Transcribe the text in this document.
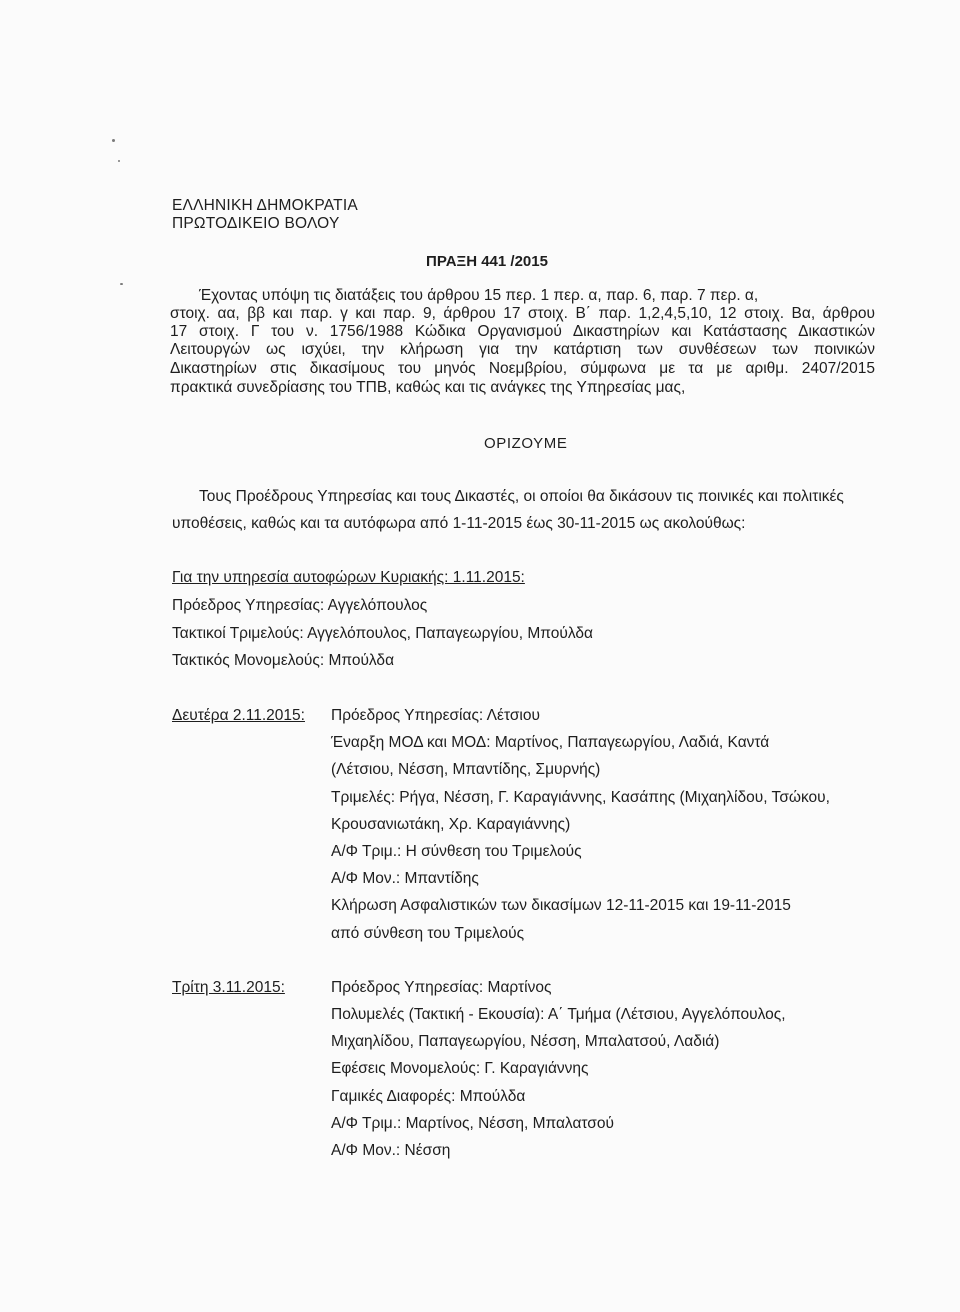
ΕΛΛΗΝΙΚΗ ΔΗΜΟΚΡΑΤΙΑ
ΠΡΩΤΟΔΙΚΕΙΟ ΒΟΛΟΥ
ΠΡΑΞΗ 441 /2015
Έχοντας υπόψη τις διατάξεις του άρθρου 15 περ. 1 περ. α, παρ. 6, παρ. 7 περ. α,
στοιχ. αα, ββ και παρ. γ και παρ. 9, άρθρου 17 στοιχ. Β΄ παρ. 1,2,4,5,10, 12 στοιχ. Βα, άρθρου
17 στοιχ. Γ του ν. 1756/1988 Κώδικα Οργανισμού Δικαστηρίων και Κατάστασης Δικαστικών
Λειτουργών ως ισχύει, την κλήρωση για την κατάρτιση των συνθέσεων των ποινικών
Δικαστηρίων στις δικασίμους του μηνός Νοεμβρίου, σύμφωνα με τα με αριθμ. 2407/2015
πρακτικά συνεδρίασης του ΤΠΒ, καθώς και τις ανάγκες της Υπηρεσίας μας,
ΟΡΙΖΟΥΜΕ
Τους Προέδρους Υπηρεσίας και τους Δικαστές, οι οποίοι θα δικάσουν τις ποινικές και πολιτικές
υποθέσεις, καθώς και τα αυτόφωρα από 1-11-2015 έως 30-11-2015 ως ακολούθως:
Για την υπηρεσία αυτοφώρων Κυριακής: 1.11.2015:
Πρόεδρος Υπηρεσίας: Αγγελόπουλος
Τακτικοί Τριμελούς: Αγγελόπουλος, Παπαγεωργίου, Μπούλδα
Τακτικός Μονομελούς: Μπούλδα
Δευτέρα 2.11.2015: Πρόεδρος Υπηρεσίας: Λέτσιου
Έναρξη ΜΟΔ και ΜΟΔ: Μαρτίνος, Παπαγεωργίου, Λαδιά, Καντά
(Λέτσιου, Νέσση, Μπαντίδης, Σμυρνής)
Τριμελές: Ρήγα, Νέσση, Γ. Καραγιάννης, Κασάπης (Μιχαηλίδου, Τσώκου,
Κρουσανιωτάκη, Χρ. Καραγιάννης)
Α/Φ Τριμ.: Η σύνθεση του Τριμελούς
Α/Φ Μον.: Μπαντίδης
Κλήρωση Ασφαλιστικών των δικασίμων 12-11-2015 και 19-11-2015
από σύνθεση του Τριμελούς
Τρίτη 3.11.2015:	Πρόεδρος Υπηρεσίας: Μαρτίνος
Πολυμελές (Τακτική - Εκουσία): Α΄ Τμήμα (Λέτσιου, Αγγελόπουλος,
Μιχαηλίδου, Παπαγεωργίου, Νέσση, Μπαλατσού, Λαδιά)
Εφέσεις Μονομελούς: Γ. Καραγιάννης
Γαμικές Διαφορές: Μπούλδα
Α/Φ Τριμ.: Μαρτίνος, Νέσση, Μπαλατσού
Α/Φ Μον.: Νέσση
